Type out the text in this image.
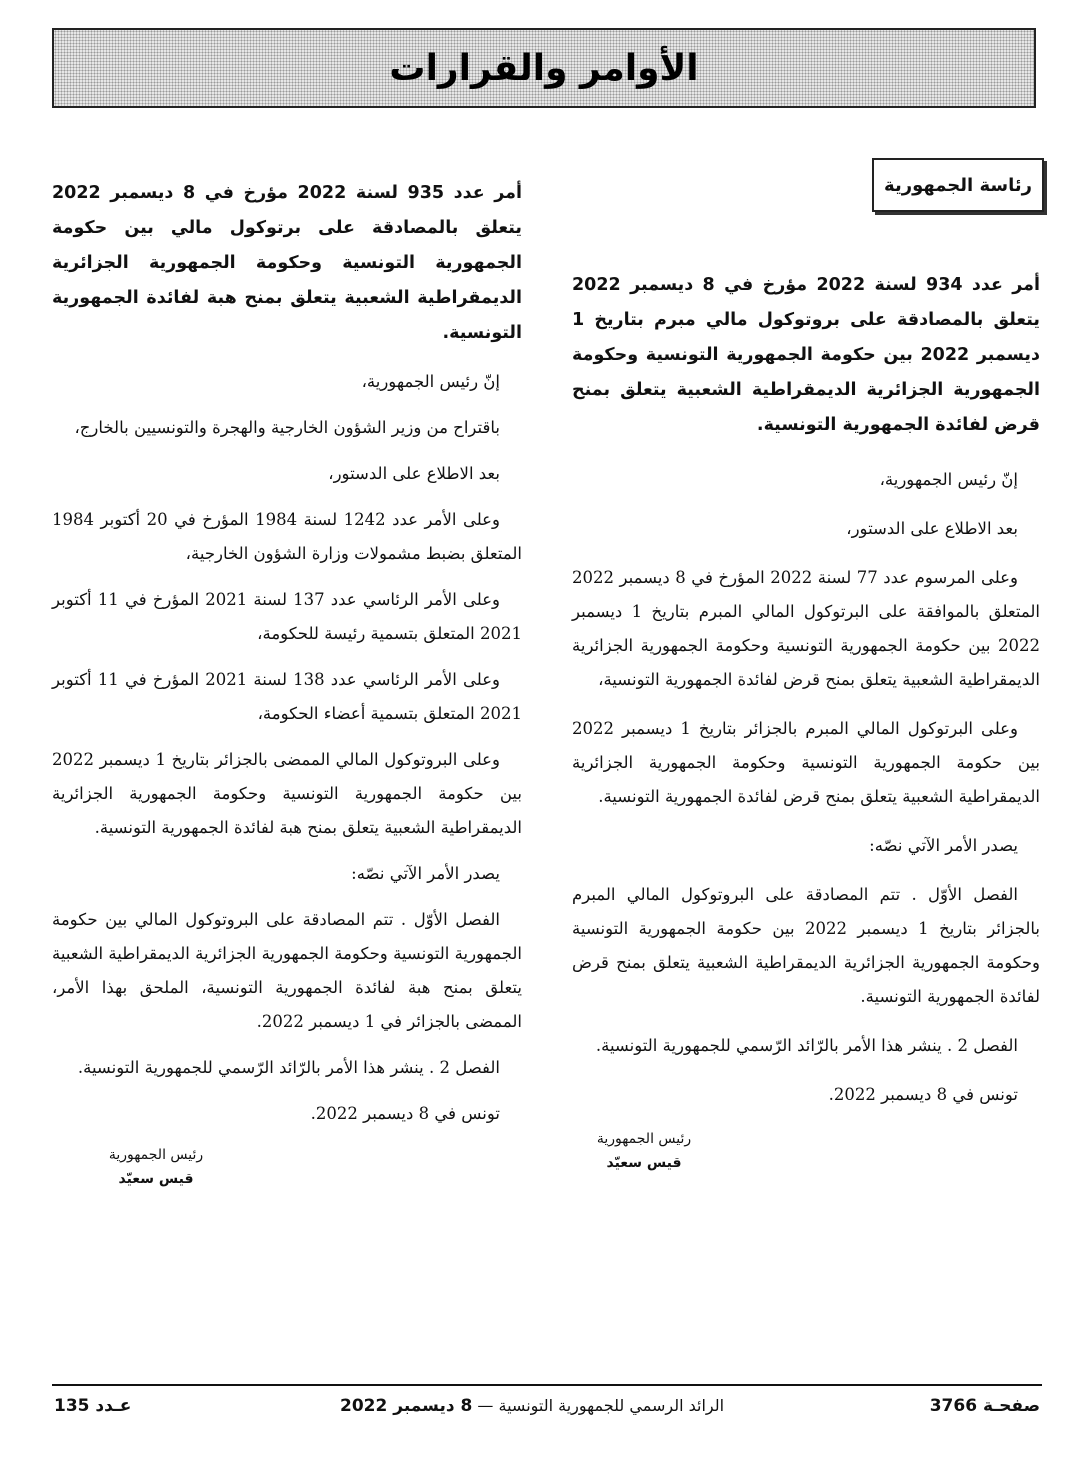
الأوامر والقرارات
رئاسة الجمهورية

أمر عدد 934 لسنة 2022 مؤرخ في 8 ديسمبر 2022 يتعلق بالمصادقة على بروتوكول مالي مبرم بتاريخ 1 ديسمبر 2022 بين حكومة الجمهورية التونسية وحكومة الجمهورية الجزائرية الديمقراطية الشعبية يتعلق بمنح قرض لفائدة الجمهورية التونسية.

إنّ رئيس الجمهورية،

بعد الاطلاع على الدستور،

وعلى المرسوم عدد 77 لسنة 2022 المؤرخ في 8 ديسمبر 2022 المتعلق بالموافقة على البرتوكول المالي المبرم بتاريخ 1 ديسمبر 2022 بين حكومة الجمهورية التونسية وحكومة الجمهورية الجزائرية الديمقراطية الشعبية يتعلق بمنح قرض لفائدة الجمهورية التونسية،

وعلى البرتوكول المالي المبرم بالجزائر بتاريخ 1 ديسمبر 2022 بين حكومة الجمهورية التونسية وحكومة الجمهورية الجزائرية الديمقراطية الشعبية يتعلق بمنح قرض لفائدة الجمهورية التونسية.

يصدر الأمر الآتي نصّه:

الفصل الأوّل . تتم المصادقة على البروتوكول المالي المبرم بالجزائر بتاريخ 1 ديسمبر 2022 بين حكومة الجمهورية التونسية وحكومة الجمهورية الجزائرية الديمقراطية الشعبية يتعلق بمنح قرض لفائدة الجمهورية التونسية.

الفصل 2 . ينشر هذا الأمر بالرّائد الرّسمي للجمهورية التونسية.

تونس في 8 ديسمبر 2022.

رئيس الجمهورية
قيس سعيّد

أمر عدد 935 لسنة 2022 مؤرخ في 8 ديسمبر 2022 يتعلق بالمصادقة على برتوكول مالي بين حكومة الجمهورية التونسية وحكومة الجمهورية الجزائرية الديمقراطية الشعبية يتعلق بمنح هبة لفائدة الجمهورية التونسية.

إنّ رئيس الجمهورية،

باقتراح من وزير الشؤون الخارجية والهجرة والتونسيين بالخارج،

بعد الاطلاع على الدستور،

وعلى الأمر عدد 1242 لسنة 1984 المؤرخ في 20 أكتوبر 1984 المتعلق بضبط مشمولات وزارة الشؤون الخارجية،

وعلى الأمر الرئاسي عدد 137 لسنة 2021 المؤرخ في 11 أكتوبر 2021 المتعلق بتسمية رئيسة للحكومة،

وعلى الأمر الرئاسي عدد 138 لسنة 2021 المؤرخ في 11 أكتوبر 2021 المتعلق بتسمية أعضاء الحكومة،

وعلى البروتوكول المالي الممضى بالجزائر بتاريخ 1 ديسمبر 2022 بين حكومة الجمهورية التونسية وحكومة الجمهورية الجزائرية الديمقراطية الشعبية يتعلق بمنح هبة لفائدة الجمهورية التونسية.

يصدر الأمر الآتي نصّه:

الفصل الأوّل . تتم المصادقة على البروتوكول المالي بين حكومة الجمهورية التونسية وحكومة الجمهورية الجزائرية الديمقراطية الشعبية يتعلق بمنح هبة لفائدة الجمهورية التونسية، الملحق بهذا الأمر، الممضى بالجزائر في 1 ديسمبر 2022.

الفصل 2 . ينشر هذا الأمر بالرّائد الرّسمي للجمهورية التونسية.

تونس في 8 ديسمبر 2022.

رئيس الجمهورية
قيس سعيّد
صفحـة 3766
الرائد الرسمي للجمهورية التونسية — 8 ديسمبر 2022
عـدد 135
